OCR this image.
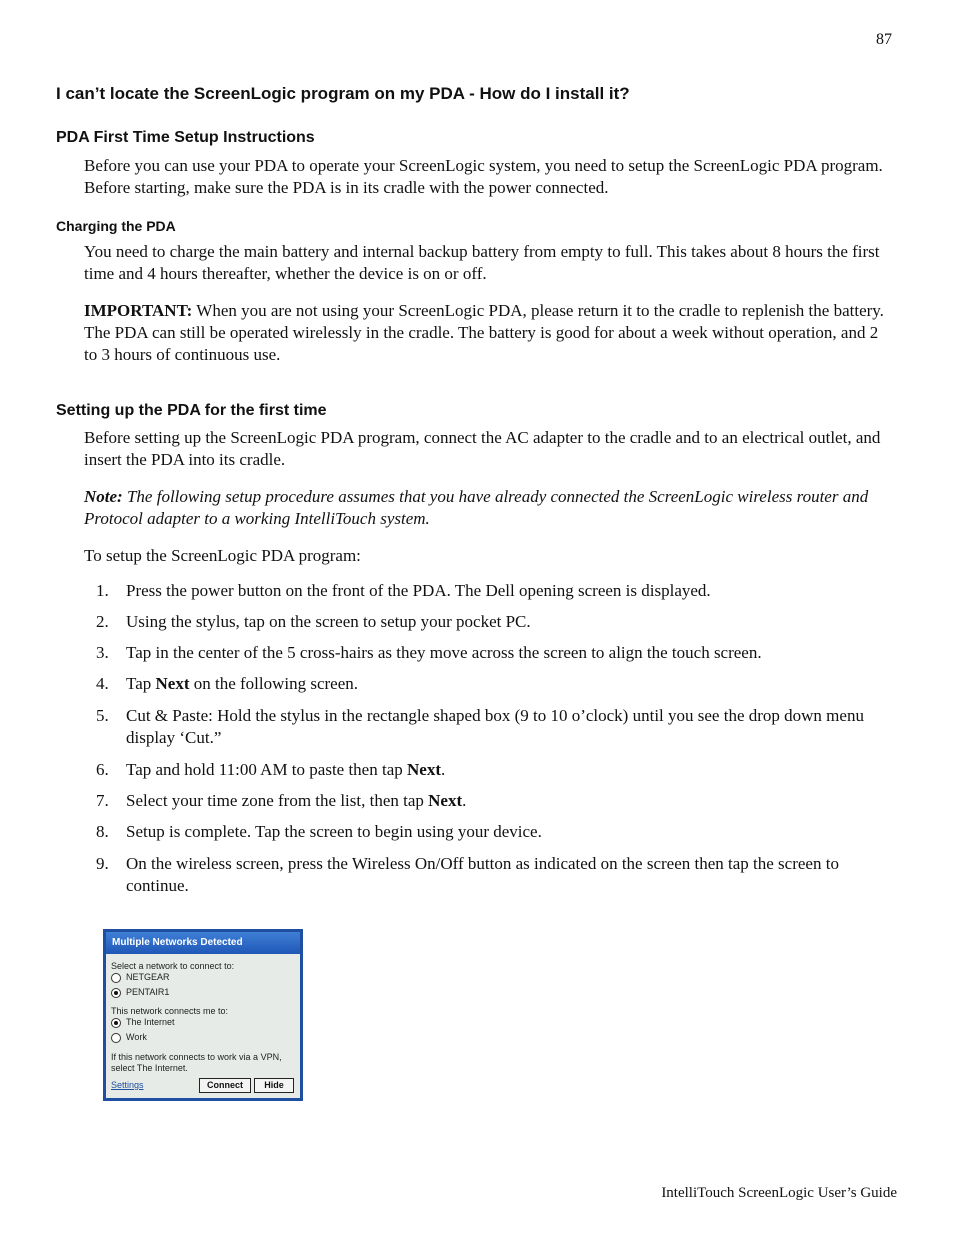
87
I can’t locate the ScreenLogic program on my PDA - How do I install it?
PDA First Time Setup Instructions
Before you can use your PDA to operate your ScreenLogic system, you need to setup the ScreenLogic PDA program. Before starting, make sure the PDA is in its cradle with the power connected.
Charging the PDA
You need to charge the main battery and internal backup battery from empty to full. This takes about 8 hours the first time and 4 hours thereafter, whether the device is on or off.
IMPORTANT: When you are not using your ScreenLogic PDA, please return it to the cradle to replenish the battery. The PDA can still be operated wirelessly in the cradle. The battery is good for about a week without operation, and 2 to 3 hours of continuous use.
Setting up the PDA for the first time
Before setting up the ScreenLogic PDA program, connect the AC adapter to the cradle and to an electrical outlet, and insert the PDA into its cradle.
Note: The following setup procedure assumes that you have already connected the ScreenLogic wireless router and Protocol adapter to a working IntelliTouch system.
To setup the ScreenLogic PDA program:
1. Press the power button on the front of the PDA. The Dell opening screen is displayed.
2. Using the stylus, tap on the screen to setup your pocket PC.
3. Tap in the center of the 5 cross-hairs as they move across the screen to align the touch screen.
4. Tap Next on the following screen.
5. Cut & Paste: Hold the stylus in the rectangle shaped box (9 to 10 o’clock) until you see the drop down menu display ‘Cut.”
6. Tap and hold 11:00 AM to paste then tap Next.
7. Select your time zone from the list, then tap Next.
8. Setup is complete. Tap the screen to begin using your device.
9. On the wireless screen, press the Wireless On/Off button as indicated on the screen then tap the screen to continue.
Multiple Networks Detected
Select a network to connect to:
NETGEAR
PENTAIR1
This network connects me to:
The Internet
Work
If this network connects to work via a VPN,
select The Internet.
Settings	Connect	Hide
IntelliTouch ScreenLogic User’s Guide
